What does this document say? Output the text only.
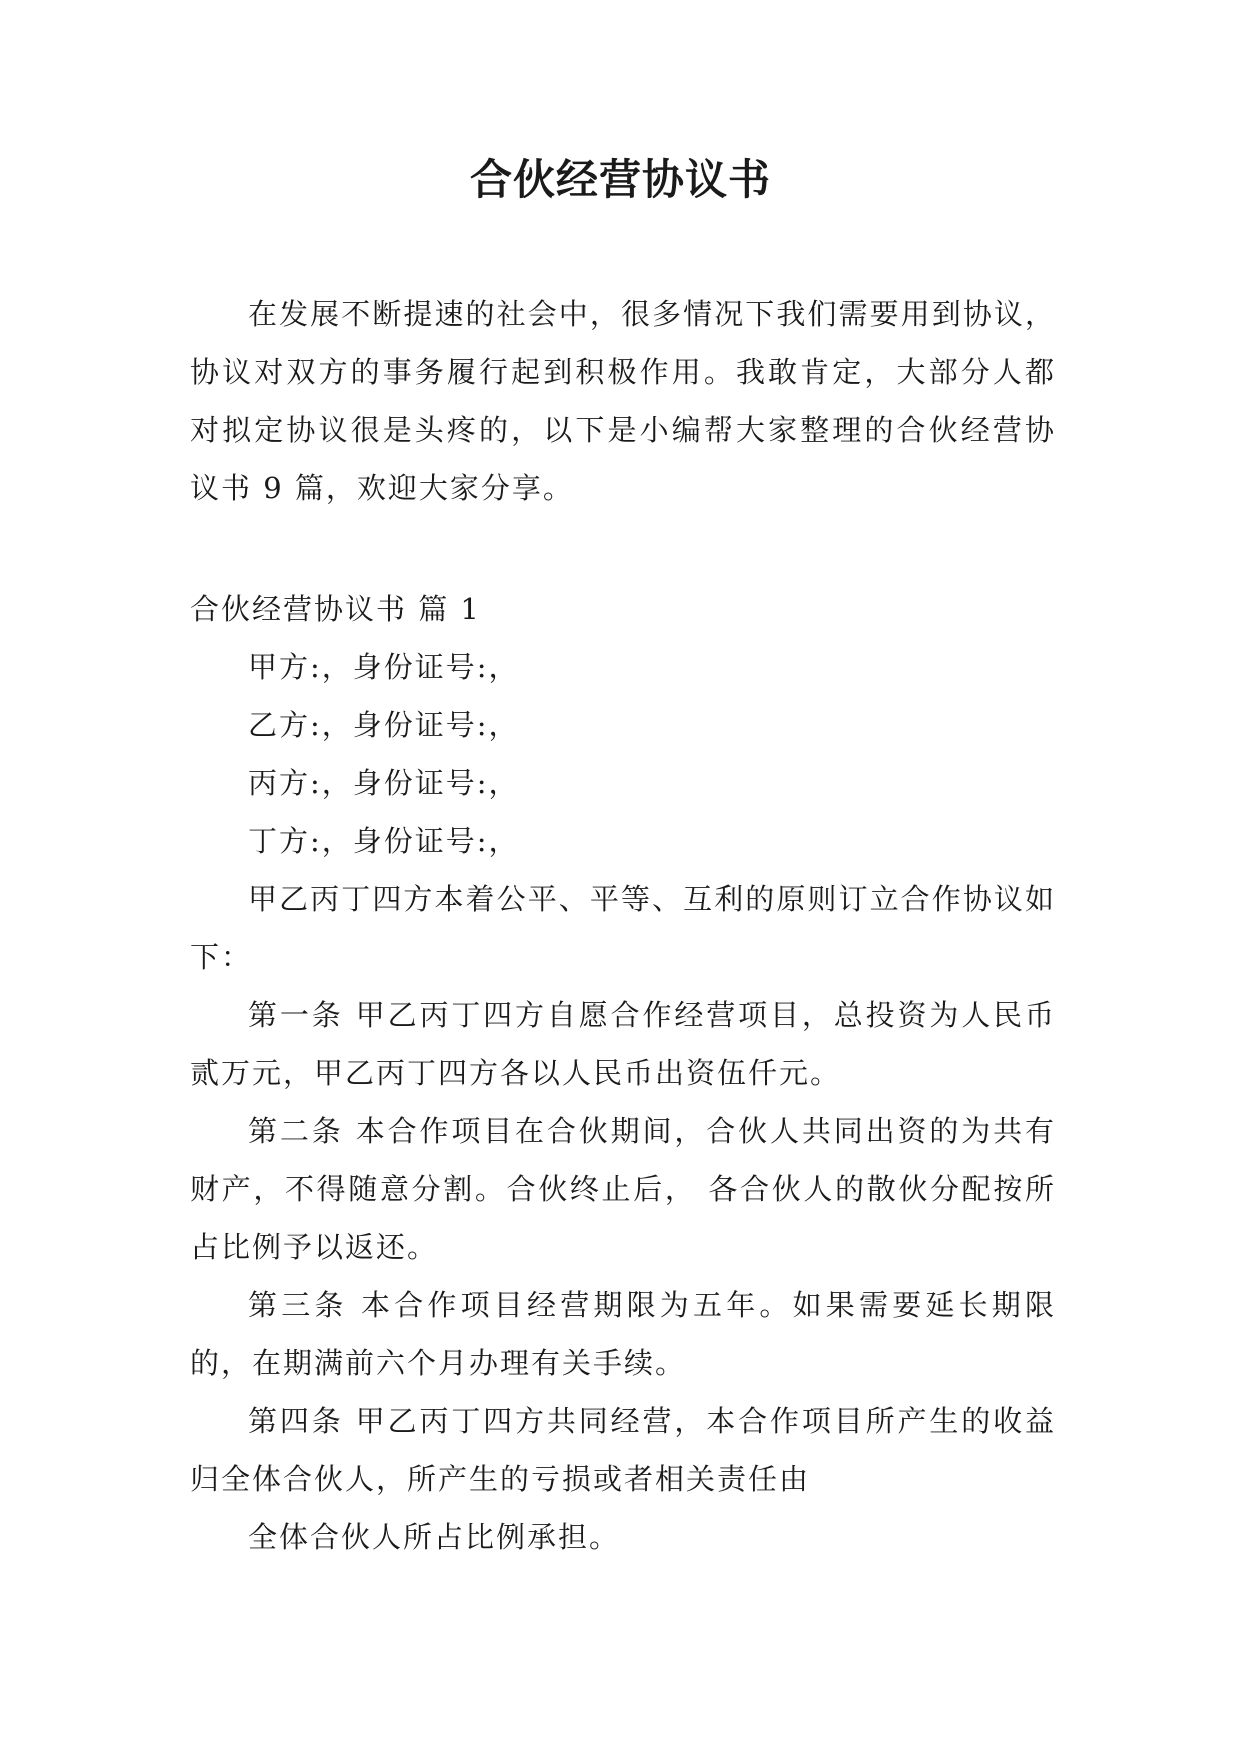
合伙经营协议书

在发展不断提速的社会中，很多情况下我们需要用到协议，协议对双方的事务履行起到积极作用。我敢肯定，大部分人都对拟定协议很是头疼的，以下是小编帮大家整理的合伙经营协议书 9 篇，欢迎大家分享。

合伙经营协议书 篇 1

甲方:，身份证号:，

乙方:，身份证号:，

丙方:，身份证号:，

丁方:，身份证号:，

甲乙丙丁四方本着公平、平等、互利的原则订立合作协议如下：

第一条 甲乙丙丁四方自愿合作经营项目，总投资为人民币贰万元，甲乙丙丁四方各以人民币出资伍仟元。

第二条 本合作项目在合伙期间，合伙人共同出资的为共有财产，不得随意分割。合伙终止后， 各合伙人的散伙分配按所占比例予以返还。

第三条 本合作项目经营期限为五年。如果需要延长期限的，在期满前六个月办理有关手续。

第四条 甲乙丙丁四方共同经营，本合作项目所产生的收益归全体合伙人，所产生的亏损或者相关责任由

全体合伙人所占比例承担。
